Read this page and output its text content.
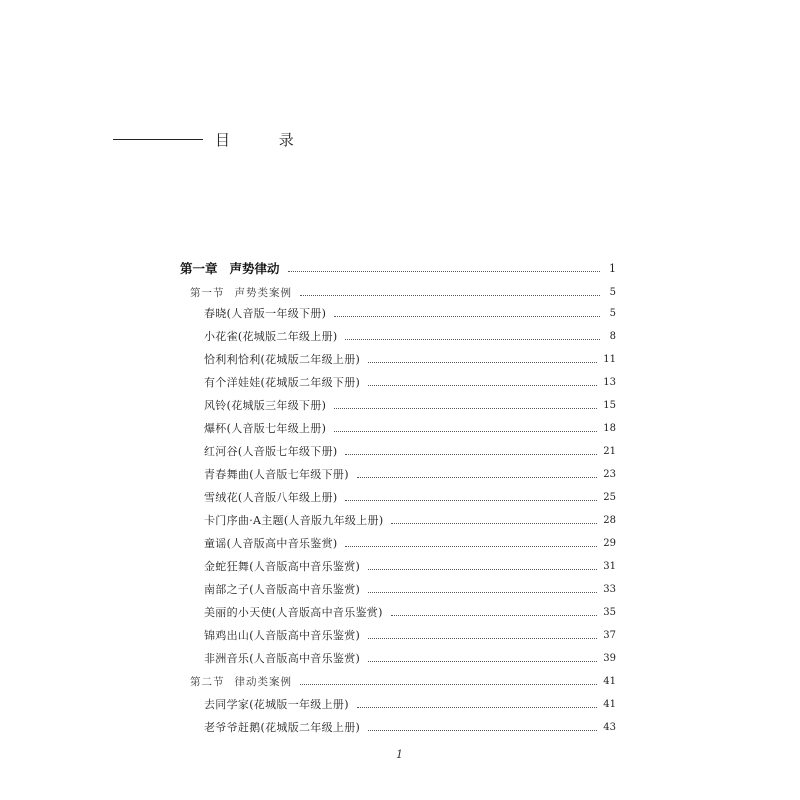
目 录
第一章 声势律动	1
第一节 声势类案例	5
春晓(人音版一年级下册)	5
小花雀(花城版二年级上册)	8
恰利利恰利(花城版二年级上册)	11
有个洋娃娃(花城版二年级下册)	13
风铃(花城版三年级下册)	15
爆杯(人音版七年级上册)	18
红河谷(人音版七年级下册)	21
青春舞曲(人音版七年级下册)	23
雪绒花(人音版八年级上册)	25
卡门序曲·A主题(人音版九年级上册)	28
童谣(人音版高中音乐鉴赏)	29
金蛇狂舞(人音版高中音乐鉴赏)	31
南部之子(人音版高中音乐鉴赏)	33
美丽的小天使(人音版高中音乐鉴赏)	35
锦鸡出山(人音版高中音乐鉴赏)	37
非洲音乐(人音版高中音乐鉴赏)	39
第二节 律动类案例	41
去同学家(花城版一年级上册)	41
老爷爷赶鹅(花城版二年级上册)	43
1
